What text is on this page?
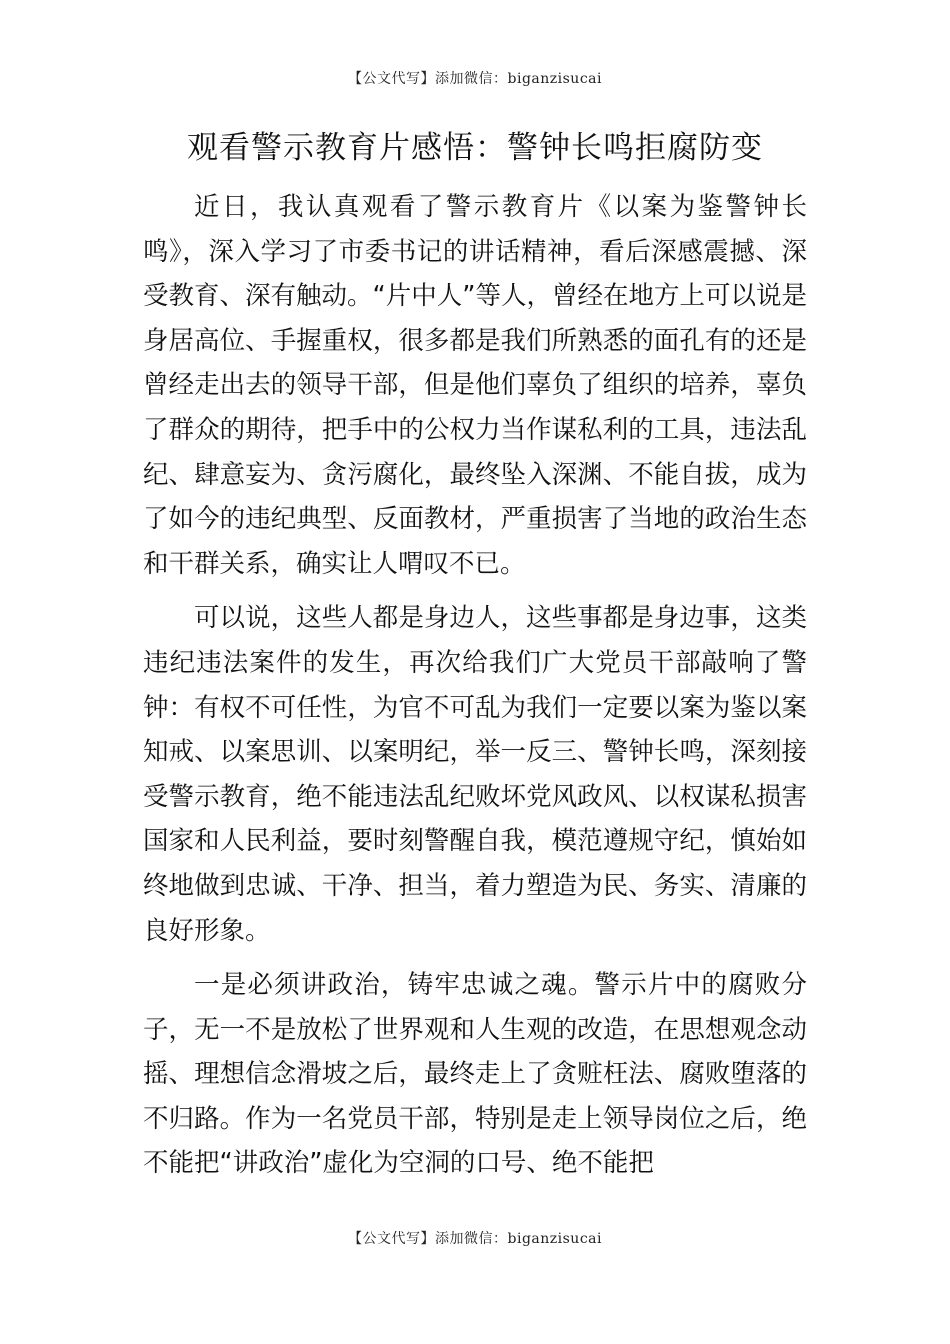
【公文代写】添加微信：biganzisucai
观看警示教育片感悟：警钟长鸣拒腐防变

近日，我认真观看了警示教育片《以案为鉴警钟长鸣》，深入学习了市委书记的讲话精神，看后深感震撼、深受教育、深有触动。“片中人”等人，曾经在地方上可以说是身居高位、手握重权，很多都是我们所熟悉的面孔有的还是曾经走出去的领导干部，但是他们辜负了组织的培养，辜负了群众的期待，把手中的公权力当作谋私利的工具，违法乱纪、肆意妄为、贪污腐化，最终坠入深渊、不能自拔，成为了如今的违纪典型、反面教材，严重损害了当地的政治生态和干群关系，确实让人喟叹不已。

可以说，这些人都是身边人，这些事都是身边事，这类违纪违法案件的发生，再次给我们广大党员干部敲响了警钟：有权不可任性，为官不可乱为我们一定要以案为鉴以案知戒、以案思训、以案明纪，举一反三、警钟长鸣，深刻接受警示教育，绝不能违法乱纪败坏党风政风、以权谋私损害国家和人民利益，要时刻警醒自我，模范遵规守纪，慎始如终地做到忠诚、干净、担当，着力塑造为民、务实、清廉的良好形象。

一是必须讲政治，铸牢忠诚之魂。警示片中的腐败分子，无一不是放松了世界观和人生观的改造，在思想观念动摇、理想信念滑坡之后，最终走上了贪赃枉法、腐败堕落的不归路。作为一名党员干部，特别是走上领导岗位之后，绝不能把“讲政治”虚化为空洞的口号、绝不能把

【公文代写】添加微信：biganzisucai
